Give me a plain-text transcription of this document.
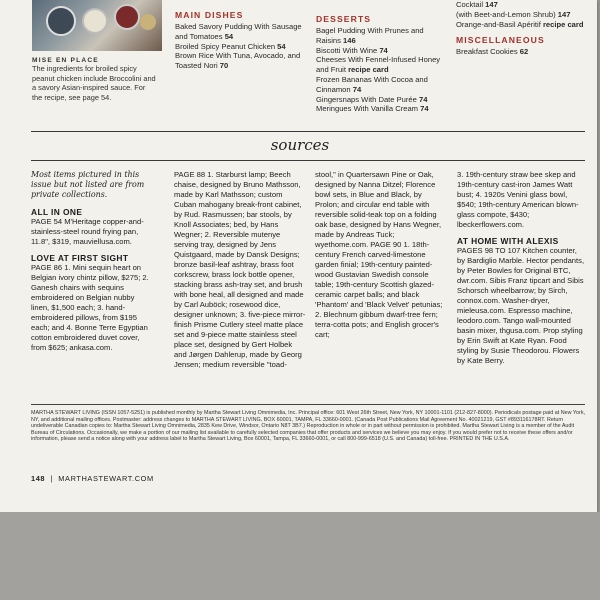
MISE EN PLACE
The ingredients for broiled spicy peanut chicken include Broccolini and a savory Asian-inspired sauce. For the recipe, see page 54.
MAIN DISHES
Baked Savory Pudding With Sausage and Tomatoes 54
Broiled Spicy Peanut Chicken 54
Brown Rice With Tuna, Avocado, and Toasted Nori 70
DESSERTS
Bagel Pudding With Prunes and Raisins 146
Biscotti With Wine 74
Cheeses With Fennel-Infused Honey and Fruit recipe card
Frozen Bananas With Cocoa and Cinnamon 74
Gingersnaps With Date Purée 74
Meringues With Vanilla Cream 74
Cocktail 147
(with Beet-and-Lemon Shrub) 147
Orange-and-Basil Apéritif recipe card
MISCELLANEOUS
Breakfast Cookies 62
sources
Most items pictured in this issue but not listed are from private collections.
ALL IN ONE
PAGE 54 M'Heritage copper-and-stainless-steel round frying pan, 11.8", $319, mauviellusa.com.
LOVE AT FIRST SIGHT
PAGE 86 1. Mini sequin heart on Belgian ivory chintz pillow, $275; 2. Ganesh chairs with sequins embroidered on Belgian nubby linen, $1,500 each; 3. hand-embroidered pillows, from $195 each; and 4. Bonne Terre Egyptian cotton embroidered duvet cover, from $625; ankasa.com.
PAGE 88 1. Starburst lamp; Beech chaise, designed by Bruno Mathsson, made by Karl Mathsson; custom Cuban mahogany break-front cabinet, by Rud. Rasmussen; bar stools, by Knoll Associates; bed, by Hans Wegner; 2. Reversible mutenye serving tray, designed by Jens Quistgaard, made by Dansk Designs; bronze basil-leaf ashtray, brass foot corkscrew, brass lock bottle opener, stacking brass ash-tray set, and brush with bone heal, all designed and made by Carl Auböck; rosewood dice, designer unknown; 3. five-piece mirror-finish Prisme Cutlery steel matte place set and 9-piece matte stainless steel place set, designed by Gert Holbek and Jørgen Dahlerup, made by Georg Jensen; medium reversible "toad-
stool," in Quartersawn Pine or Oak, designed by Nanna Ditzel; Florence bowl sets, in Blue and Black, by Prolon; and circular end table with reversible solid-teak top on a folding oak base, designed by Hans Wegner, made by Andreas Tuck; wyethome.com. PAGE 90 1. 18th-century French carved-limestone garden finial; 19th-century painted-wood Gustavian Swedish console table; 19th-century Scottish glazed-ceramic carpet balls; and black 'Phantom' and 'Black Velvet' petunias; 2. Blechnum gibbum dwarf-tree fern; terra-cotta pots; and English grocer's cart;
3. 19th-century straw bee skep and 19th-century cast-iron James Watt bust; 4. 1920s Venini glass bowl, $540; 19th-century American blown-glass compote, $430; lbeckerflowers.com.
AT HOME WITH ALEXIS
PAGES 98 TO 107 Kitchen counter, by Bardiglio Marble. Hector pendants, by Peter Bowles for Original BTC, dwr.com. Sibis Franz tipcart and Sibis Schorsch wheelbarrow; by Sirch, connox.com. Washer-dryer, mieleusa.com. Espresso machine, leodoro.com. Tango wall-mounted basin mixer, thgusa.com. Prop styling by Erin Swift at Kate Ryan. Food styling by Susie Theodorou. Flowers by Kate Berry.
MARTHA STEWART LIVING (ISSN 1057-5251) is published monthly by Martha Stewart Living Omnimedia, Inc. Principal office: 601 West 26th Street, New York, NY 10001-1101 (212-827-8000). Periodicals postage paid at New York, NY, and additional mailing offices. Postmaster: address changes to MARTHA STEWART LIVING, BOX 60001, TAMPA, FL 33660-0001. (Canada Post Publications Mail Agreement No. 40021219, GST #893116178RT. Return undeliverable Canadian copies to: Martha Stewart Living Omnimedia, 2835 Kew Drive, Windsor, Ontario N8T 3B7.) Reproduction in whole or in part without permission is prohibited. Martha Stewart Living is a member of the Audit Bureau of Circulations. Occasionally, we make a portion of our mailing list available to carefully selected companies that offer products and services we believe you may enjoy. If you would prefer not to receive these offers and/or information, please send a notice along with your address label to Martha Stewart Living, Box 60001, Tampa, FL 33660-0001, or call 800-999-6518 (U.S. and Canada) toll-free. PRINTED IN THE U.S.A.
148  |  MARTHASTEWART.COM
